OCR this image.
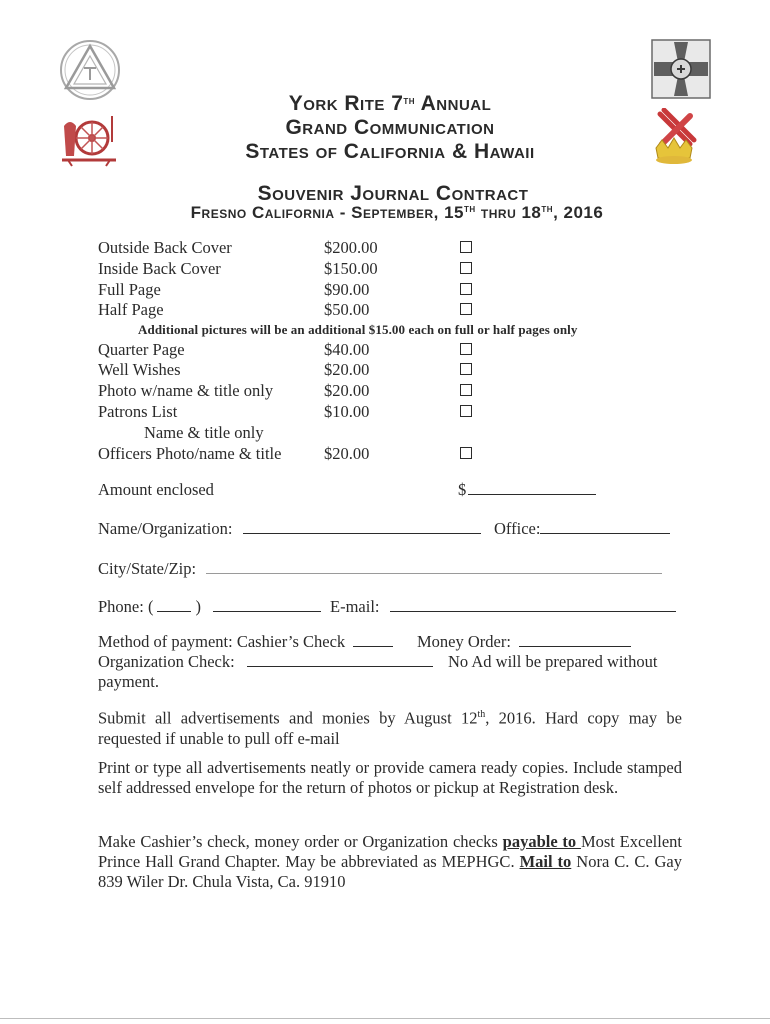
York Rite 7th Annual
Grand Communication
States of California & Hawaii
Souvenir Journal Contract
Fresno California - September, 15th thru 18th, 2016
Outside Back Cover	$200.00
Inside Back Cover	$150.00
Full Page	$90.00
Half Page	$50.00
Additional pictures will be an additional $15.00 each on full or half pages only
Quarter Page	$40.00
Well Wishes	$20.00
Photo w/name & title only	$20.00
Patrons List	$10.00
Name & title only
Officers Photo/name & title	$20.00
Amount enclosed	$
Name/Organization:	Office:
City/State/Zip:
Phone: (	)	E-mail:
Method of payment: Cashier’s Check	Money Order:
Organization Check:	No Ad will be prepared without
payment.
Submit all advertisements and monies by August 12th, 2016. Hard copy may be requested if unable to pull off e-mail
Print or type all advertisements neatly or provide camera ready copies. Include stamped self addressed envelope for the return of photos or pickup at Registration desk.
Make Cashier’s check, money order or Organization checks payable to Most Excellent Prince Hall Grand Chapter. May be abbreviated as MEPHGC. Mail to Nora C. C. Gay 839 Wiler Dr. Chula Vista, Ca. 91910
